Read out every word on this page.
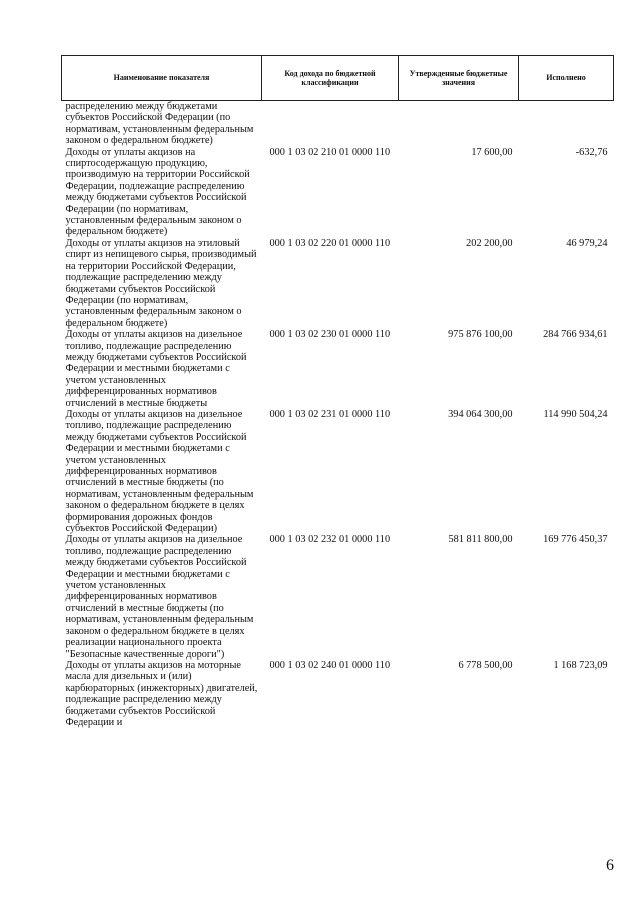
Наименование показателя	Код дохода по бюджетной классификации	Утвержденные бюджетные значения	Исполнено
распределению между бюджетами субъектов Российской Федерации (по нормативам, установленным федеральным законом о федеральном бюджете)			
Доходы от уплаты акцизов на спиртосодержащую продукцию, производимую на территории Российской Федерации, подлежащие распределению между бюджетами субъектов Российской Федерации (по нормативам, установленным федеральным законом о федеральном бюджете)	000 1 03 02 210 01 0000 110	17 600,00	-632,76
Доходы от уплаты акцизов на этиловый спирт из непищевого сырья, производимый на территории Российской Федерации, подлежащие распределению между бюджетами субъектов Российской Федерации (по нормативам, установленным федеральным законом о федеральном бюджете)	000 1 03 02 220 01 0000 110	202 200,00	46 979,24
Доходы от уплаты акцизов на дизельное топливо, подлежащие распределению между бюджетами субъектов Российской Федерации и местными бюджетами с учетом установленных дифференцированных нормативов отчислений в местные бюджеты	000 1 03 02 230 01 0000 110	975 876 100,00	284 766 934,61
Доходы от уплаты акцизов на дизельное топливо, подлежащие распределению между бюджетами субъектов Российской Федерации и местными бюджетами с учетом установленных дифференцированных нормативов отчислений в местные бюджеты (по нормативам, установленным федеральным законом о федеральном бюджете в целях формирования дорожных фондов субъектов Российской Федерации)	000 1 03 02 231 01 0000 110	394 064 300,00	114 990 504,24
Доходы от уплаты акцизов на дизельное топливо, подлежащие распределению между бюджетами субъектов Российской Федерации и местными бюджетами с учетом установленных дифференцированных нормативов отчислений в местные бюджеты (по нормативам, установленным федеральным законом о федеральном бюджете в целях реализации национального проекта "Безопасные качественные дороги")	000 1 03 02 232 01 0000 110	581 811 800,00	169 776 450,37
Доходы от уплаты акцизов на моторные масла для дизельных и (или) карбюраторных (инжекторных) двигателей, подлежащие распределению между бюджетами субъектов Российской Федерации и	000 1 03 02 240 01 0000 110	6 778 500,00	1 168 723,09
6
